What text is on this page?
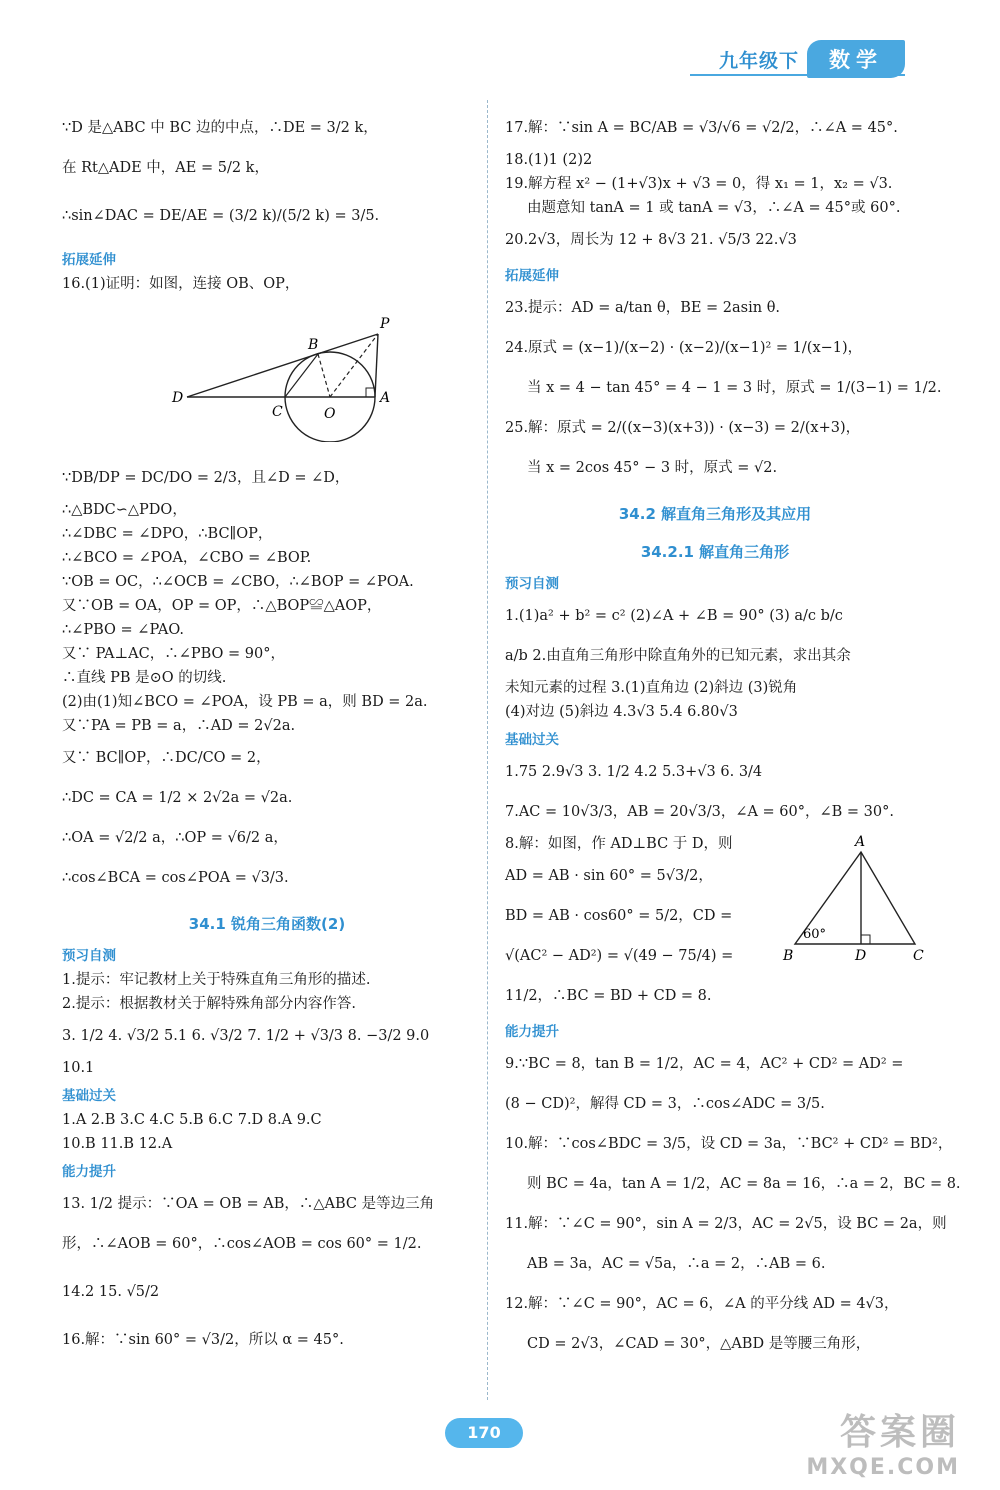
九年级下	数学
∵D 是△ABC 中 BC 边的中点，∴DE = 3/2 k，
在 Rt△ADE 中，AE = 5/2 k，
∴sin∠DAC = DE/AE = (3/2 k)/(5/2 k) = 3/5.
拓展延伸
16.(1)证明：如图，连接 OB、OP，
P
B
D
C	O
A
∵DB/DP = DC/DO = 2/3，且∠D = ∠D，
∴△BDC∽△PDO，
∴∠DBC = ∠DPO，∴BC∥OP，
∴∠BCO = ∠POA，∠CBO = ∠BOP.
∵OB = OC，∴∠OCB = ∠CBO，∴∠BOP = ∠POA.
又∵OB = OA，OP = OP，∴△BOP≌△AOP，
∴∠PBO = ∠PAO.
又∵ PA⊥AC，∴∠PBO = 90°，
∴直线 PB 是⊙O 的切线.
(2)由(1)知∠BCO = ∠POA，设 PB = a，则 BD = 2a.
又∵PA = PB = a，∴AD = 2√2a.
又∵ BC∥OP，∴DC/CO = 2，
∴DC = CA = 1/2 × 2√2a = √2a.
∴OA = √2/2 a，∴OP = √6/2 a，
∴cos∠BCA = cos∠POA = √3/3.
34.1 锐角三角函数(2)
预习自测
1.提示：牢记教材上关于特殊直角三角形的描述.
2.提示：根据教材关于解特殊角部分内容作答.
3. 1/2 4. √3/2 5.1 6. √3/2 7. 1/2 + √3/3 8. −3/2 9.0
10.1
基础过关
1.A 2.B 3.C 4.C 5.B 6.C 7.D 8.A 9.C
10.B 11.B 12.A
能力提升
13. 1/2 提示：∵OA = OB = AB，∴△ABC 是等边三角
形，∴∠AOB = 60°，∴cos∠AOB = cos 60° = 1/2.
14.2 15. √5/2
16.解：∵sin 60° = √3/2，所以 α = 45°.
17.解：∵sin A = BC/AB = √3/√6 = √2/2，∴∠A = 45°.
18.(1)1 (2)2
19.解方程 x² − (1+√3)x + √3 = 0，得 x₁ = 1，x₂ = √3.
由题意知 tanA = 1 或 tanA = √3，∴∠A = 45°或 60°.
20.2√3，周长为 12 + 8√3 21. √5/3 22.√3
拓展延伸
23.提示：AD = a/tan θ，BE = 2asin θ.
24.原式 = (x−1)/(x−2) · (x−2)/(x−1)² = 1/(x−1)，
当 x = 4 − tan 45° = 4 − 1 = 3 时，原式 = 1/(3−1) = 1/2.
25.解：原式 = 2/((x−3)(x+3)) · (x−3) = 2/(x+3)，
当 x = 2cos 45° − 3 时，原式 = √2.
34.2 解直角三角形及其应用
34.2.1 解直角三角形
预习自测
1.(1)a² + b² = c² (2)∠A + ∠B = 90° (3) a/c b/c
a/b 2.由直角三角形中除直角外的已知元素，求出其余
未知元素的过程 3.(1)直角边 (2)斜边 (3)锐角
(4)对边 (5)斜边 4.3√3 5.4 6.80√3
基础过关
1.75 2.9√3 3. 1/2 4.2 5.3+√3 6. 3/4
7.AC = 10√3/3，AB = 20√3/3，∠A = 60°，∠B = 30°.
8.解：如图，作 AD⊥BC 于 D，则
AD = AB · sin 60° = 5√3/2，
BD = AB · cos60° = 5/2，CD =
√(AC² − AD²) = √(49 − 75/4) =
11/2，∴BC = BD + CD = 8.
A
B	D	C
60°
能力提升
9.∵BC = 8，tan B = 1/2，AC = 4，AC² + CD² = AD² =
(8 − CD)²，解得 CD = 3，∴cos∠ADC = 3/5.
10.解：∵cos∠BDC = 3/5，设 CD = 3a，∵BC² + CD² = BD²，
则 BC = 4a，tan A = 1/2，AC = 8a = 16，∴a = 2，BC = 8.
11.解：∵∠C = 90°，sin A = 2/3，AC = 2√5，设 BC = 2a，则
AB = 3a，AC = √5a，∴a = 2，∴AB = 6.
12.解：∵∠C = 90°，AC = 6，∠A 的平分线 AD = 4√3，
CD = 2√3，∠CAD = 30°，△ABD 是等腰三角形，
170	答案圈
MXQE.COM
